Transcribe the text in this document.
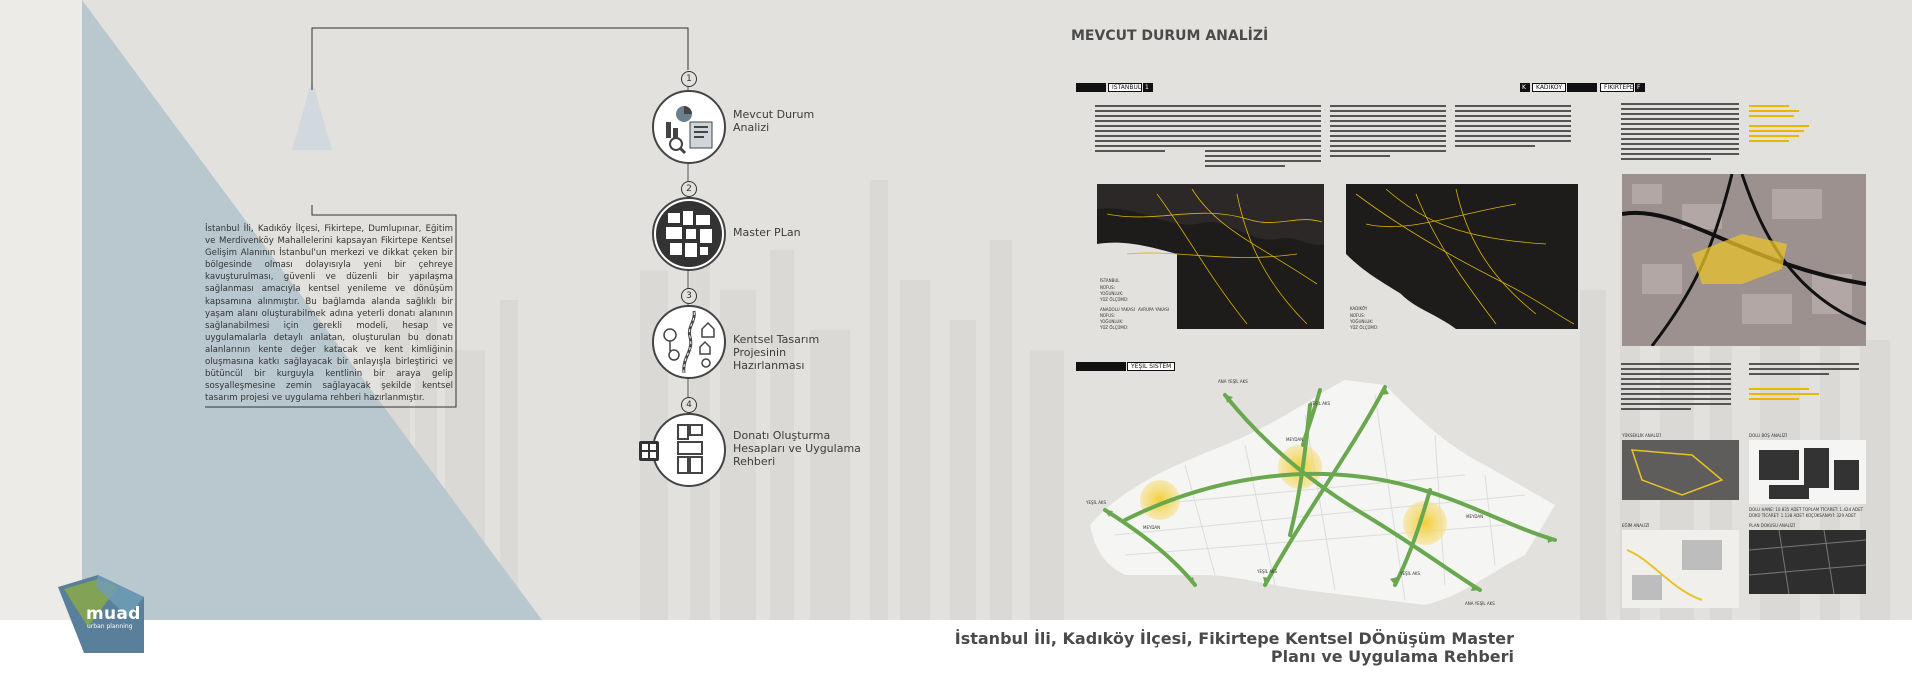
İstanbul İli, Kadıköy İlçesi, Fikirtepe, Dumlupınar, Eğitim ve Merdivenköy Mahallelerini kapsayan Fikirtepe Kentsel Gelişim Alanının İstanbul'un merkezi ve dikkat çeken bir bölgesinde olması dolayısıyla yeni bir çehreye kavuşturulması, güvenli ve düzenli bir yapılaşma sağlanması amacıyla kentsel yenileme ve dönüşüm kapsamına alınmıştır. Bu bağlamda alanda sağlıklı bir yaşam alanı oluşturabilmek adına yeterli donatı alanının sağlanabilmesi için gerekli modeli, hesap ve uygulamalarla detaylı anlatan, oluşturulan bu donatı alanlarının kente değer katacak ve kent kimliğinin oluşmasına katkı sağlayacak bir anlayışla birleştirici ve bütüncül bir kurguyla kentlinin bir araya gelip sosyalleşmesine zemin sağlayacak şekilde kentsel tasarım projesi ve uygulama rehberi hazırlanmıştır.
1
Mevcut Durum
Analizi
2
Master PLan
3
Kentsel Tasarım
Projesinin
Hazırlanması
4
Donatı Oluşturma
Hesapları ve Uygulama
Rehberi
MEVCUT DURUM ANALİZİ
İSTANBUL 1	K	KADIKÖY	FİKİRTEPE F
İSTANBUL
NÜFUS:
YOĞUNLUK:
YÜZ ÖLÇÜMÜ:
ANADOLU YAKASI AVRUPA YAKASI
NÜFUS:
YOĞUNLUK:
YÜZ ÖLÇÜMÜ:
KADIKÖY
NÜFUS:
YOĞUNLUK:
YÜZ ÖLÇÜMÜ:
YEŞİL SİSTEM
ANA YEŞİL AKS
YEŞİL AKS
MEYDAN
YEŞİL AKS
MEYDAN
MEYDAN
YEŞİL AKS	YEŞİL AKS
ANA YEŞİL AKS
YÜKSEKLİK ANALİZİ	DOLU BOŞ ANALİZİ
DOLU HANE: 10.835 ADET TOPLAM TİCARET: 1.424 ADET
DÜKÜ TİCARET: 1.138 ADET KÜÇÜKSANAYİ: 329 ADET
EĞİM ANALİZİ	PLAN DOKUSU ANALİZİ
İstanbul İli, Kadıköy İlçesi, Fikirtepe Kentsel DÖnüşüm Master
Planı ve Uygulama Rehberi
muad
urban planning
